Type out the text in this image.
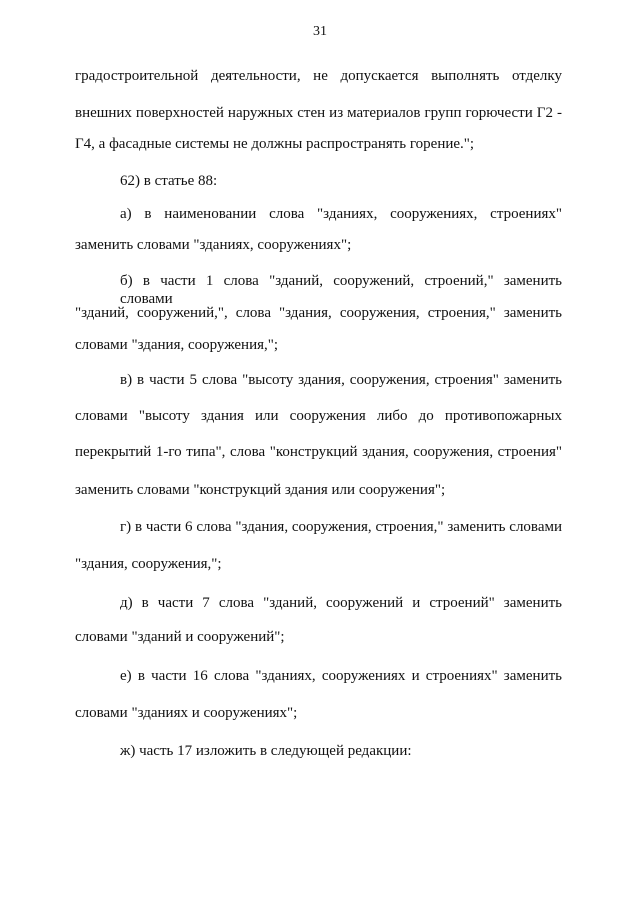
31
градостроительной деятельности, не допускается выполнять отделку
внешних поверхностей наружных стен из материалов групп горючести Г2 -
Г4, а фасадные системы не должны распространять горение.";
62) в статье 88:
а) в наименовании слова "зданиях, сооружениях, строениях"
заменить словами "зданиях, сооружениях";
б) в части 1 слова "зданий, сооружений, строений," заменить словами
"зданий, сооружений,", слова "здания, сооружения, строения," заменить
словами "здания, сооружения,";
в) в части 5 слова "высоту здания, сооружения, строения" заменить
словами "высоту здания или сооружения либо до противопожарных
перекрытий 1-го типа", слова "конструкций здания, сооружения, строения"
заменить словами "конструкций здания или сооружения";
г) в части 6 слова "здания, сооружения, строения," заменить словами
"здания, сооружения,";
д) в части 7 слова "зданий, сооружений и строений" заменить
словами "зданий и сооружений";
е) в части 16 слова "зданиях, сооружениях и строениях" заменить
словами "зданиях и сооружениях";
ж) часть 17 изложить в следующей редакции:
